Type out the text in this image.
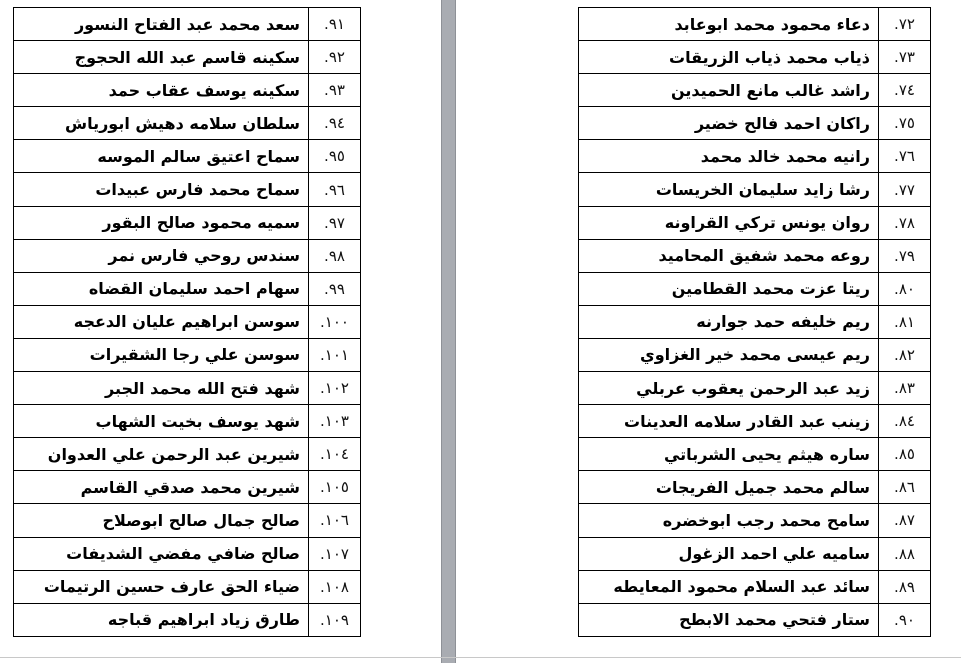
٩١.	سعد محمد عبد الفتاح النسور
٩٢.	سكينه قاسم عبد الله الحجوج
٩٣.	سكينه يوسف عقاب حمد
٩٤.	سلطان سلامه دهيش ابورياش
٩٥.	سماح اعتيق سالم الموسه
٩٦.	سماح محمد فارس عبيدات
٩٧.	سميه محمود صالح البقور
٩٨.	سندس روحي فارس نمر
٩٩.	سهام احمد سليمان القضاه
١٠٠.	سوسن ابراهيم عليان الدعجه
١٠١.	سوسن علي رجا الشقيرات
١٠٢.	شهد فتح الله محمد الجبر
١٠٣.	شهد يوسف بخيت الشهاب
١٠٤.	شيرين عبد الرحمن علي العدوان
١٠٥.	شيرين محمد صدقي القاسم
١٠٦.	صالح جمال صالح ابوصلاح
١٠٧.	صالح ضافي مفضي الشديفات
١٠٨.	ضياء الحق عارف حسين الرتيمات
١٠٩.	طارق زياد ابراهيم قباجه
٧٢.	دعاء محمود محمد ابوعابد
٧٣.	ذياب محمد ذياب الزريقات
٧٤.	راشد غالب مانع الحميدين
٧٥.	راكان احمد فالح خضير
٧٦.	رانيه محمد خالد محمد
٧٧.	رشا زايد سليمان الخريسات
٧٨.	روان يونس تركي القراونه
٧٩.	روعه محمد شفيق المحاميد
٨٠.	ريتا عزت محمد القطامين
٨١.	ريم خليفه حمد جوارنه
٨٢.	ريم عيسى محمد خير الغزاوي
٨٣.	زيد عبد الرحمن يعقوب عربلي
٨٤.	زينب عبد القادر سلامه العدينات
٨٥.	ساره هيثم يحيى الشرباتي
٨٦.	سالم محمد جميل الفريجات
٨٧.	سامح محمد رجب ابوخضره
٨٨.	ساميه علي احمد الزغول
٨٩.	سائد عبد السلام محمود المعايطه
٩٠.	ستار فتحي محمد الابطح
